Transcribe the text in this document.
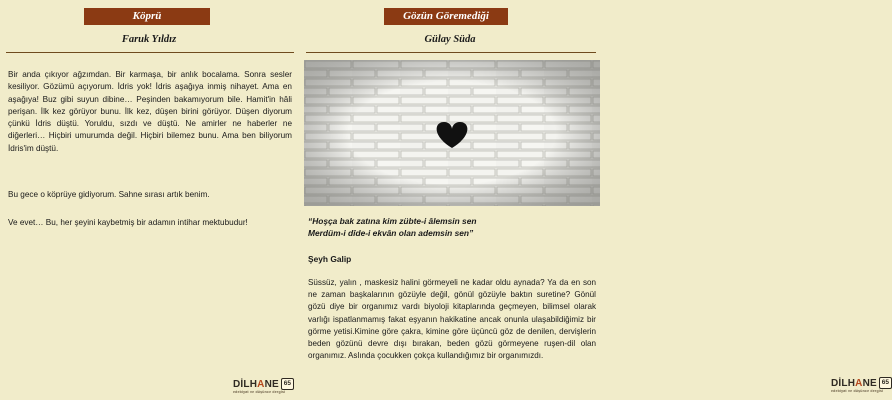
Köprü
Faruk Yıldız
Bir anda çıkıyor ağzımdan. Bir karmaşa, bir anlık bocalama. Sonra sesler kesiliyor. Gözümü açıyorum. İdris yok! İdris aşağıya inmiş nihayet. Ama en aşağıya! Buz gibi suyun dibine… Peşinden bakamıyorum bile. Hamit'in hâli perişan. İlk kez görüyor bunu. İlk kez, düşen birini görüyor. Düşen diyorum çünkü İdris düştü. Yoruldu, sızdı ve düştü. Ne amirler ne haberler ne diğerleri… Hiçbiri umurumda değil. Hiçbiri bilemez bunu. Ama ben biliyorum İdris'im düştü.
Bu gece o köprüye gidiyorum. Sahne sırası artık benim.
Ve evet… Bu, her şeyini kaybetmiş bir adamın intihar mektubudur!
DİLHANE
edebiyat ve düşünce dergisi
65
Gözün Göremediği
Gülay Süda
“Hoşça bak zatına kim zübte-i âlemsin sen
Merdüm-i dîde-i ekvân olan ademsin sen”
Şeyh Galip
Süssüz, yalın , maskesiz halini görmeyeli ne kadar oldu aynada? Ya da en son ne zaman başkalarının gözüyle değil, gönül gözüyle baktın suretine? Gönül gözü diye bir organımız vardı biyoloji kitaplarında geçmeyen, bilimsel olarak varlığı ispatlanmamış fakat eşyanın hakikatine ancak onunla ulaşabildiğimiz bir görme yetisi.Kimine göre çakra, kimine göre üçüncü göz de denilen, dervişlerin beden gözünü devre dışı bırakan, beden gözü görmeyene ruşen-dil olan organımız. Aslında çocukken çokça kullandığımız bir organımızdı.
DİLHANE
edebiyat ve düşünce dergisi
65
